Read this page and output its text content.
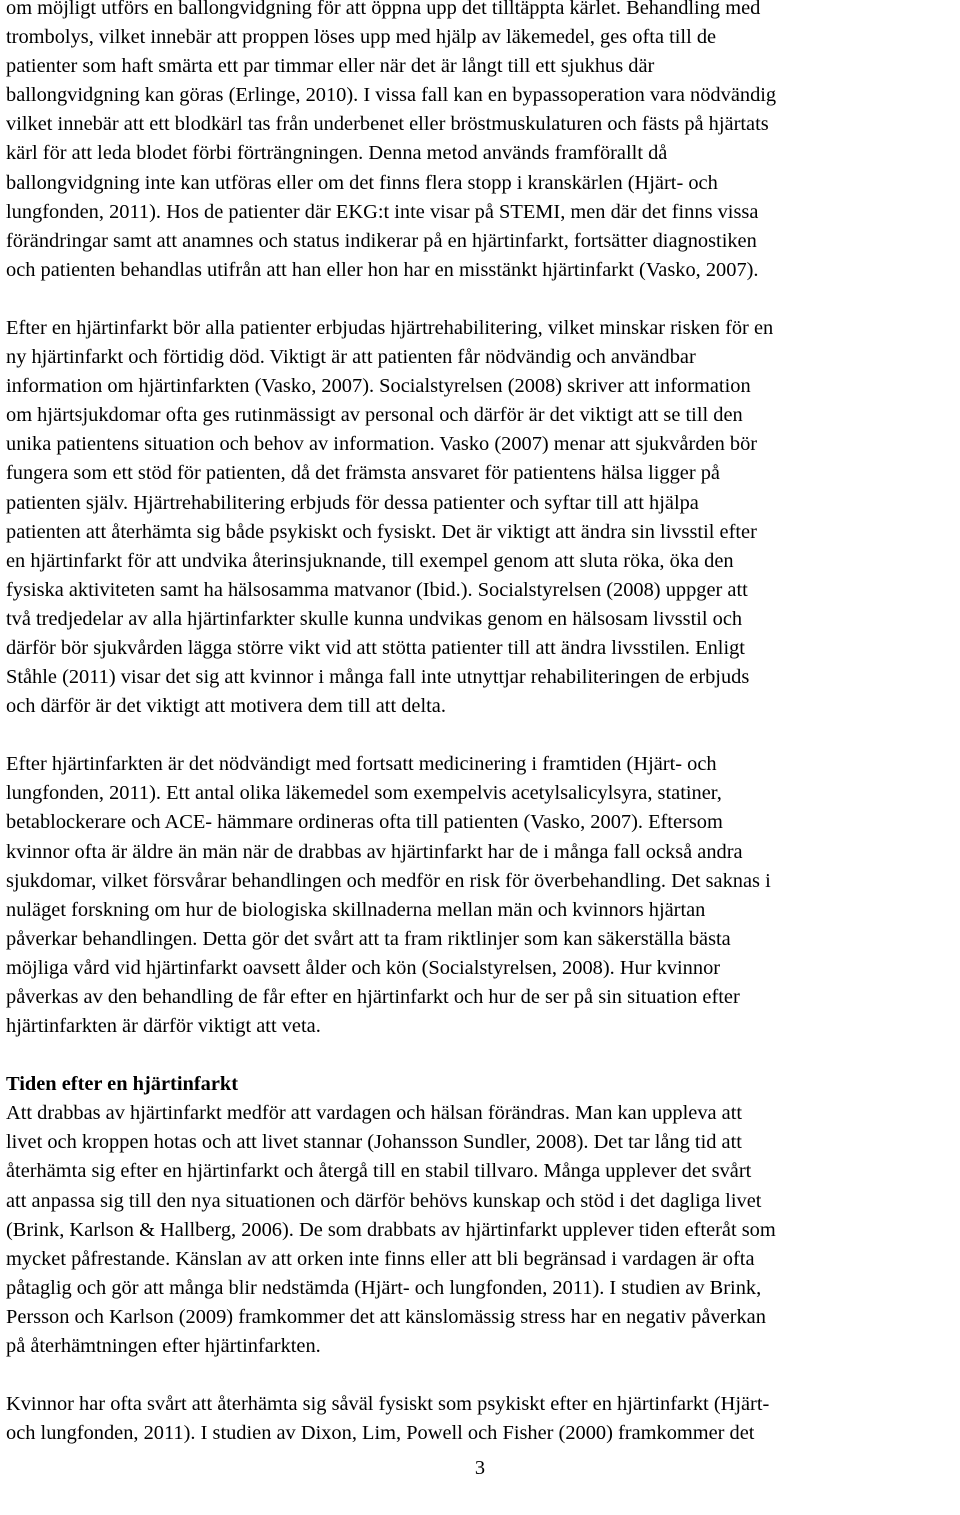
om möjligt utförs en ballongvidgning för att öppna upp det tilltäppta kärlet. Behandling med
trombolys, vilket innebär att proppen löses upp med hjälp av läkemedel, ges ofta till de
patienter som haft smärta ett par timmar eller när det är långt till ett sjukhus där
ballongvidgning kan göras (Erlinge, 2010). I vissa fall kan en bypassoperation vara nödvändig
vilket innebär att ett blodkärl tas från underbenet eller bröstmuskulaturen och fästs på hjärtats
kärl för att leda blodet förbi förträngningen. Denna metod används framförallt då
ballongvidgning inte kan utföras eller om det finns flera stopp i kranskärlen (Hjärt- och
lungfonden, 2011). Hos de patienter där EKG:t inte visar på STEMI, men där det finns vissa
förändringar samt att anamnes och status indikerar på en hjärtinfarkt, fortsätter diagnostiken
och patienten behandlas utifrån att han eller hon har en misstänkt hjärtinfarkt (Vasko, 2007).

Efter en hjärtinfarkt bör alla patienter erbjudas hjärtrehabilitering, vilket minskar risken för en
ny hjärtinfarkt och förtidig död. Viktigt är att patienten får nödvändig och användbar
information om hjärtinfarkten (Vasko, 2007). Socialstyrelsen (2008) skriver att information
om hjärtsjukdomar ofta ges rutinmässigt av personal och därför är det viktigt att se till den
unika patientens situation och behov av information. Vasko (2007) menar att sjukvården bör
fungera som ett stöd för patienten, då det främsta ansvaret för patientens hälsa ligger på
patienten själv. Hjärtrehabilitering erbjuds för dessa patienter och syftar till att hjälpa
patienten att återhämta sig både psykiskt och fysiskt. Det är viktigt att ändra sin livsstil efter
en hjärtinfarkt för att undvika återinsjuknande, till exempel genom att sluta röka, öka den
fysiska aktiviteten samt ha hälsosamma matvanor (Ibid.). Socialstyrelsen (2008) uppger att
två tredjedelar av alla hjärtinfarkter skulle kunna undvikas genom en hälsosam livsstil och
därför bör sjukvården lägga större vikt vid att stötta patienter till att ändra livsstilen. Enligt
Ståhle (2011) visar det sig att kvinnor i många fall inte utnyttjar rehabiliteringen de erbjuds
och därför är det viktigt att motivera dem till att delta.

Efter hjärtinfarkten är det nödvändigt med fortsatt medicinering i framtiden (Hjärt- och
lungfonden, 2011). Ett antal olika läkemedel som exempelvis acetylsalicylsyra, statiner,
betablockerare och ACE- hämmare ordineras ofta till patienten (Vasko, 2007). Eftersom
kvinnor ofta är äldre än män när de drabbas av hjärtinfarkt har de i många fall också andra
sjukdomar, vilket försvårar behandlingen och medför en risk för överbehandling. Det saknas i
nuläget forskning om hur de biologiska skillnaderna mellan män och kvinnors hjärtan
påverkar behandlingen. Detta gör det svårt att ta fram riktlinjer som kan säkerställa bästa
möjliga vård vid hjärtinfarkt oavsett ålder och kön (Socialstyrelsen, 2008). Hur kvinnor
påverkas av den behandling de får efter en hjärtinfarkt och hur de ser på sin situation efter
hjärtinfarkten är därför viktigt att veta.

Tiden efter en hjärtinfarkt

Att drabbas av hjärtinfarkt medför att vardagen och hälsan förändras. Man kan uppleva att
livet och kroppen hotas och att livet stannar (Johansson Sundler, 2008). Det tar lång tid att
återhämta sig efter en hjärtinfarkt och återgå till en stabil tillvaro. Många upplever det svårt
att anpassa sig till den nya situationen och därför behövs kunskap och stöd i det dagliga livet
(Brink, Karlson & Hallberg, 2006). De som drabbats av hjärtinfarkt upplever tiden efteråt som
mycket påfrestande. Känslan av att orken inte finns eller att bli begränsad i vardagen är ofta
påtaglig och gör att många blir nedstämda (Hjärt- och lungfonden, 2011). I studien av Brink,
Persson och Karlson (2009) framkommer det att känslomässig stress har en negativ påverkan
på återhämtningen efter hjärtinfarkten.

Kvinnor har ofta svårt att återhämta sig såväl fysiskt som psykiskt efter en hjärtinfarkt (Hjärt-
och lungfonden, 2011). I studien av Dixon, Lim, Powell och Fisher (2000) framkommer det

3
